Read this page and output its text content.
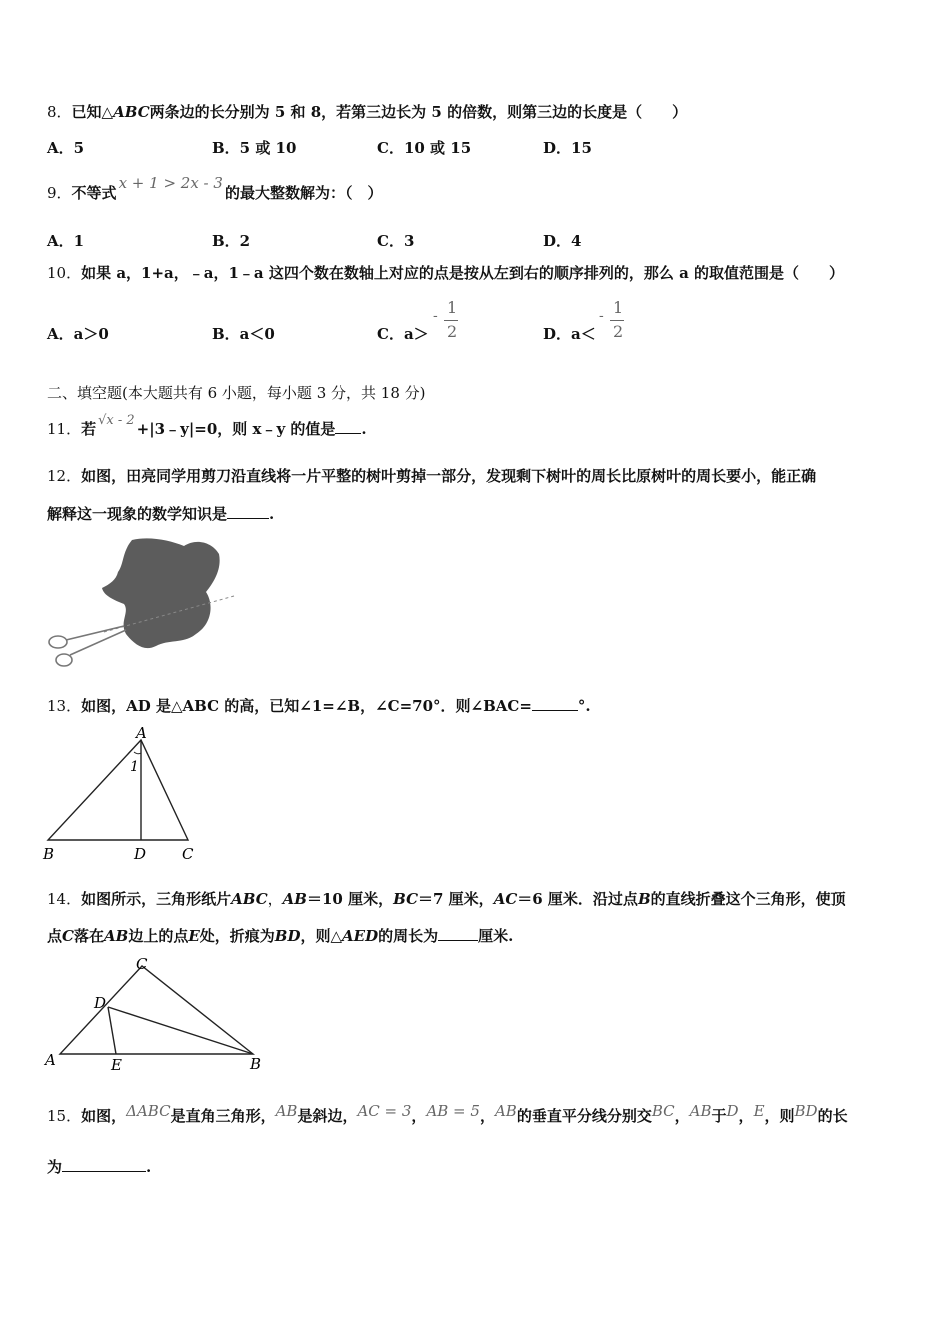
8．已知△ABC两条边的长分别为 5 和 8，若第三边长为 5 的倍数，则第三边的长度是（　　）
A．5	B．5 或 10	C．10 或 15	D．15
9．不等式x + 1 > 2x - 3的最大整数解为：（　）
A．1	B．2	C．3	D．4
10．如果 a，1+a，﹣a，1﹣a 这四个数在数轴上对应的点是按从左到右的顺序排列的，那么 a 的取值范围是（　　）
A．a＞0	B．a＜0	C．a＞
- 1
2	D．a＜
- 1
2
二、填空题(本大题共有 6 小题，每小题 3 分，共 18 分)
11．若 √x - 2 +|3﹣y|=0，则 x﹣y 的值是 .
12．如图，田亮同学用剪刀沿直线将一片平整的树叶剪掉一部分，发现剩下树叶的周长比原树叶的周长要小，能正确
解释这一现象的数学知识是	.
13．如图，AD 是△ABC 的高，已知∠1=∠B，∠C=70°．则∠BAC=	°.
A
1
B	D C
14．如图所示，三角形纸片ABC，AB＝10 厘米，BC＝7 厘米，AC＝6 厘米．沿过点B的直线折叠这个三角形，使顶
点C落在AB边上的点E处，折痕为BD，则△AED的周长为	厘米.
C
D
A	E	B
15．如图，ΔABC是直角三角形，AB是斜边，AC = 3，AB = 5，AB的垂直平分线分别交BC，AB于D，E，则BD的长
为	.
